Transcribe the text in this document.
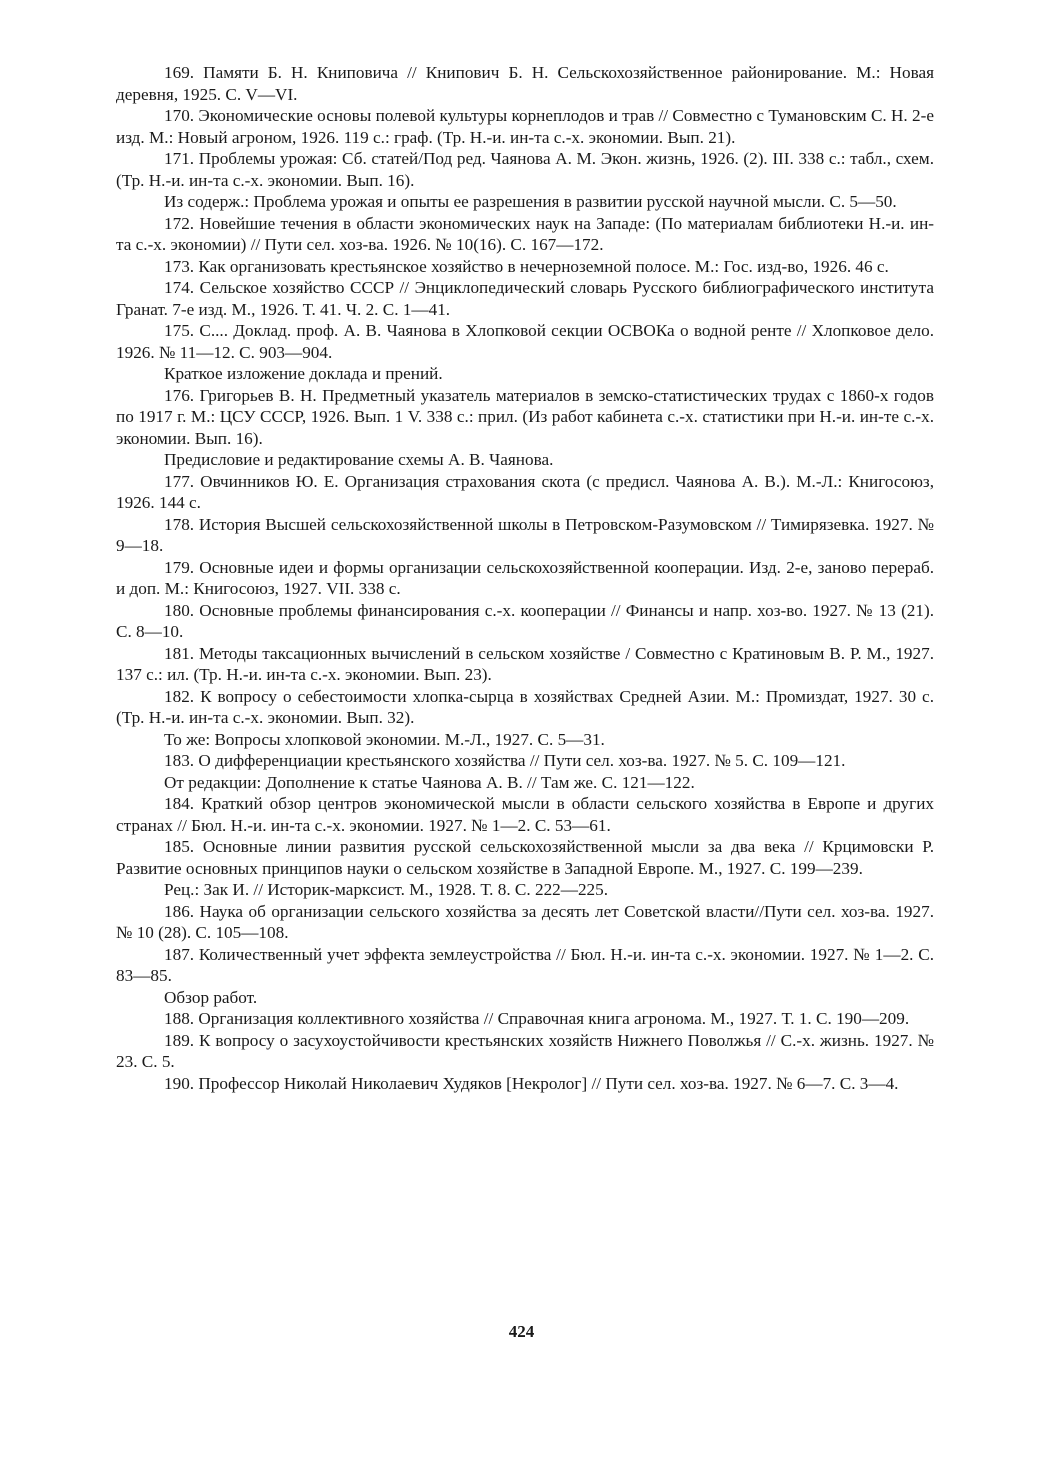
169. Памяти Б. Н. Книповича // Книпович Б. Н. Сельскохозяйственное районирование. М.: Новая деревня, 1925. С. V—VI.

170. Экономические основы полевой культуры корнеплодов и трав // Совместно с Тумановским С. Н. 2-е изд. М.: Новый агроном, 1926. 119 с.: граф. (Тр. Н.-и. ин-та с.-х. экономии. Вып. 21).

171. Проблемы урожая: Сб. статей/Под ред. Чаянова А. М. Экон. жизнь, 1926. (2). III. 338 с.: табл., схем. (Тр. Н.-и. ин-та с.-х. экономии. Вып. 16).

Из содерж.: Проблема урожая и опыты ее разрешения в развитии русской научной мысли. С. 5—50.

172. Новейшие течения в области экономических наук на Западе: (По материалам библиотеки Н.-и. ин-та с.-х. экономии) // Пути сел. хоз-ва. 1926. № 10(16). С. 167—172.

173. Как организовать крестьянское хозяйство в нечерноземной полосе. М.: Гос. изд-во, 1926. 46 с.

174. Сельское хозяйство СССР // Энциклопедический словарь Русского библиографического института Гранат. 7-е изд. М., 1926. Т. 41. Ч. 2. С. 1—41.

175. С.... Доклад. проф. А. В. Чаянова в Хлопковой секции ОСВОКа о водной ренте // Хлопковое дело. 1926. № 11—12. С. 903—904.

Краткое изложение доклада и прений.

176. Григорьев В. Н. Предметный указатель материалов в земско-статистических трудах с 1860-х годов по 1917 г. М.: ЦСУ СССР, 1926. Вып. 1 V. 338 с.: прил. (Из работ кабинета с.-х. статистики при Н.-и. ин-те с.-х. экономии. Вып. 16).

Предисловие и редактирование схемы А. В. Чаянова.

177. Овчинников Ю. Е. Организация страхования скота (с предисл. Чаянова А. В.). М.-Л.: Книгосоюз, 1926. 144 с.

178. История Высшей сельскохозяйственной школы в Петровском-Разумовском // Тимирязевка. 1927. № 9—18.

179. Основные идеи и формы организации сельскохозяйственной кооперации. Изд. 2-е, заново перераб. и доп. М.: Книгосоюз, 1927. VII. 338 с.

180. Основные проблемы финансирования с.-х. кооперации // Финансы и напр. хоз-во. 1927. № 13 (21). С. 8—10.

181. Методы таксационных вычислений в сельском хозяйстве / Совместно с Кратиновым В. Р. М., 1927. 137 с.: ил. (Тр. Н.-и. ин-та с.-х. экономии. Вып. 23).

182. К вопросу о себестоимости хлопка-сырца в хозяйствах Средней Азии. М.: Промиздат, 1927. 30 с. (Тр. Н.-и. ин-та с.-х. экономии. Вып. 32).

То же: Вопросы хлопковой экономии. М.-Л., 1927. С. 5—31.

183. О дифференциации крестьянского хозяйства // Пути сел. хоз-ва. 1927. № 5. С. 109—121.

От редакции: Дополнение к статье Чаянова А. В. // Там же. С. 121—122.

184. Краткий обзор центров экономической мысли в области сельского хозяйства в Европе и других странах // Бюл. Н.-и. ин-та с.-х. экономии. 1927. № 1—2. С. 53—61.

185. Основные линии развития русской сельскохозяйственной мысли за два века // Крцимовски Р. Развитие основных принципов науки о сельском хозяйстве в Западной Европе. М., 1927. С. 199—239.

Рец.: Зак И. // Историк-марксист. М., 1928. Т. 8. С. 222—225.

186. Наука об организации сельского хозяйства за десять лет Советской власти//Пути сел. хоз-ва. 1927. № 10 (28). С. 105—108.

187. Количественный учет эффекта землеустройства // Бюл. Н.-и. ин-та с.-х. экономии. 1927. № 1—2. С. 83—85.

Обзор работ.

188. Организация коллективного хозяйства // Справочная книга агронома. М., 1927. Т. 1. С. 190—209.

189. К вопросу о засухоустойчивости крестьянских хозяйств Нижнего Поволжья // С.-х. жизнь. 1927. № 23. С. 5.

190. Профессор Николай Николаевич Худяков [Некролог] // Пути сел. хоз-ва. 1927. № 6—7. С. 3—4.

424
